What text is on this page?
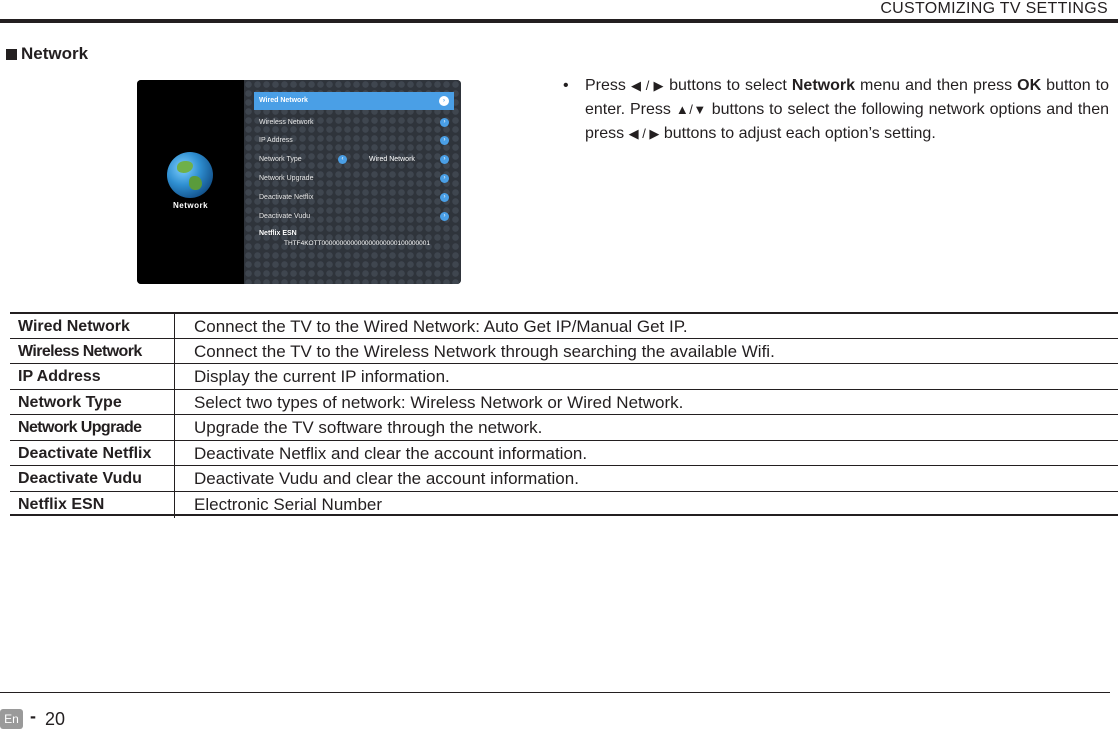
CUSTOMIZING TV SETTINGS
Network
Network
Wired Network	›
Wireless Network	›
IP Address	›
Network Type	‹	Wired Network	›
Network Upgrade	›
Deactivate Netflix	›
Deactivate Vudu	›
Netflix ESN
THTF4KOTT000000000000000000000100000001
• Press ◀ / ▶ buttons to select Network menu and then press OK button to enter. Press ▲/▼ buttons to select the following network options and then press ◀ / ▶ buttons to adjust each option’s setting.
Wired Network	Connect the TV to the Wired Network: Auto Get IP/Manual Get IP.
Wireless Network	Connect the TV to the Wireless Network through searching the available Wifi.
IP Address	Display the current IP information.
Network Type	Select two types of network: Wireless Network or Wired Network.
Network Upgrade	Upgrade the TV software through the network.
Deactivate Netflix	Deactivate Netflix and clear the account information.
Deactivate Vudu	Deactivate Vudu and clear the account information.
Netflix ESN	Electronic Serial Number
En - 20
